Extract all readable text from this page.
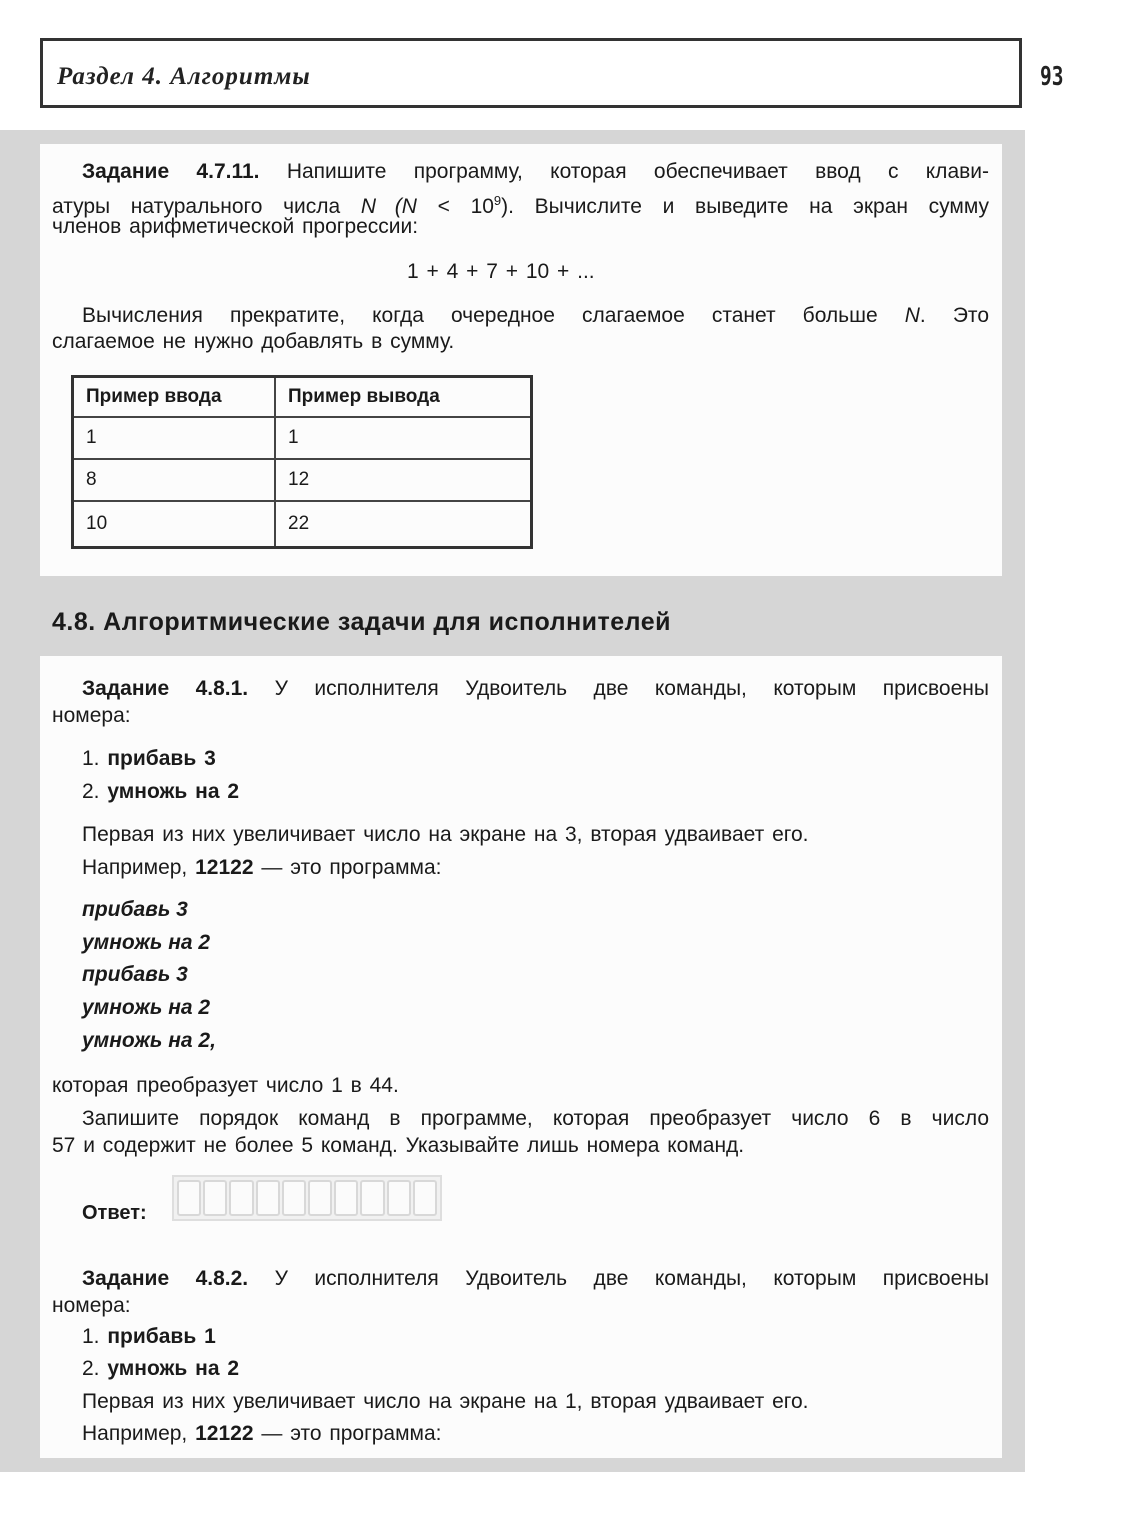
Раздел 4. Алгоритмы	93
Задание 4.7.11. Напишите программу, которая обеспечивает ввод с клави-
атуры натурального числа N $(N < 10^9)$. Вычислите и выведите на экран сумму
членов арифметической прогрессии:
1 + 4 + 7 + 10 + ...
Вычисления прекратите, когда очередное слагаемое станет больше N. Это
слагаемое не нужно добавлять в сумму.
Пример ввода	Пример вывода
1	1
8	12
10	22
4.8. Алгоритмические задачи для исполнителей
Задание 4.8.1. У исполнителя Удвоитель две команды, которым присвоены
номера:
1. прибавь 3
2. умножь на 2
Первая из них увеличивает число на экране на 3, вторая удваивает его.
Например, 12122 — это программа:
прибавь 3
умножь на 2
прибавь 3
умножь на 2
умножь на 2,
которая преобразует число 1 в 44.
Запишите порядок команд в программе, которая преобразует число 6 в число
57 и содержит не более 5 команд. Указывайте лишь номера команд.
Ответ:
Задание 4.8.2. У исполнителя Удвоитель две команды, которым присвоены
номера:
1. прибавь 1
2. умножь на 2
Первая из них увеличивает число на экране на 1, вторая удваивает его.
Например, 12122 — это программа:
